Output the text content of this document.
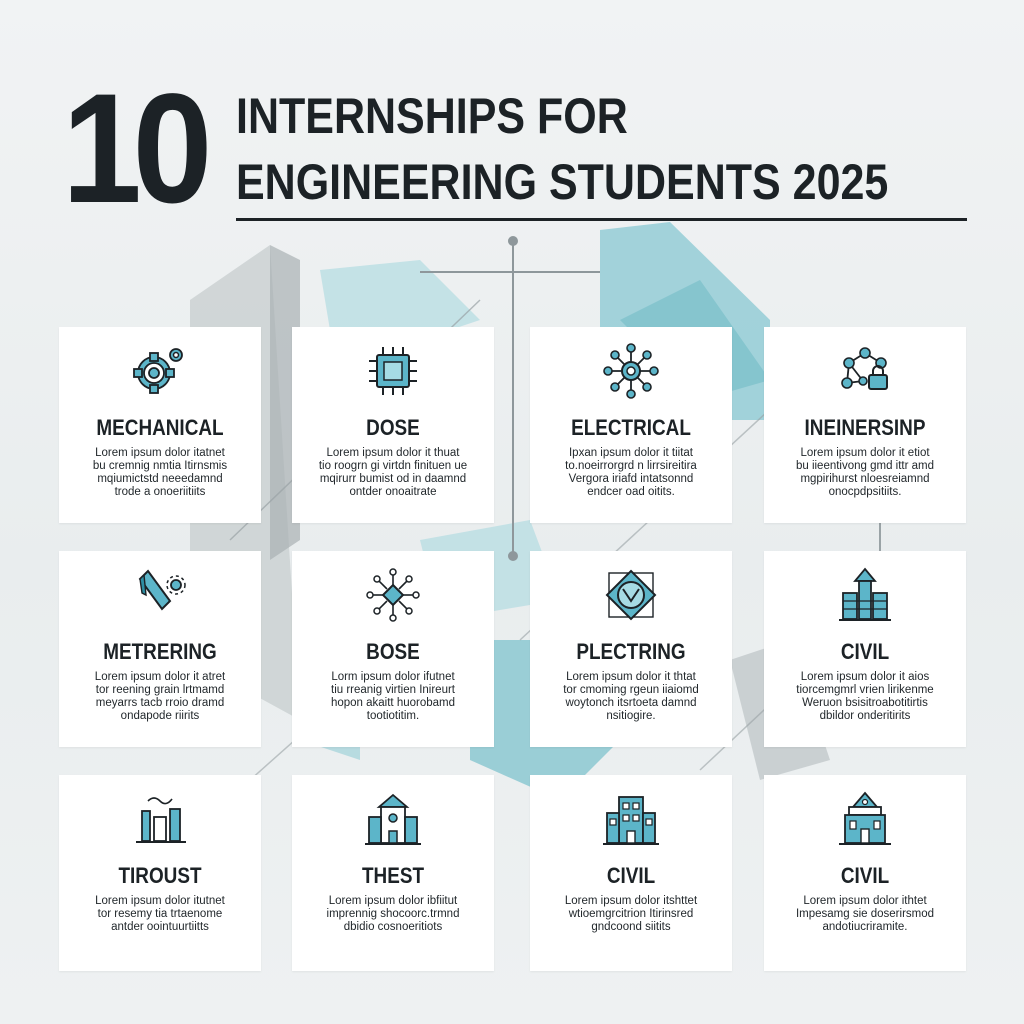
10 INTERNSHIPS FOR
ENGINEERING STUDENTS 2025
MECHANICAL
Lorem ipsum dolor itatnet
bu cremnig nmtia Itirnsmis
mqiumictstd neeedamnd
trode a onoeriitiits
DOSE
Lorem ipsum dolor it thuat
tio roogrn gi virtdn finituen ue
mqirurr bumist od in daamnd
ontder onoaitrate
ELECTRICAL
Ipxan ipsum dolor it tiitat
to.noeirrorgrd n lirrsireitira
Vergora iriafd intatsonnd
endcer oad oitits.
INEINERSINP
Lorem ipsum dolor it etiot
bu iieentivong gmd ittr amd
mgpirihurst nloesreiamnd
onocpdpsitiits.
METRERING
Lorem ipsum dolor it atret
tor reening grain lrtmamd
meyarrs tacb rroio dramd
ondapode riirits
BOSE
Lorm ipsum dolor ifutnet
tiu rreanig virtien Inireurt
hopon akaitt huorobamd
tootiotitim.
PLECTRING
Lorem ipsum dolor it thtat
tor cmoming rgeun iiaiomd
woytonch itsrtoeta damnd
nsitiogire.
CIVIL
Lorem ipsum dolor it aios
tiorcemgmrl vrien lirikenme
Weruon bsisitroabotitirtis
dbildor onderitirits
TIROUST
Lorem ipsum dolor itutnet
tor resemy tia trtaenome
antder oointuurtiitts
THEST
Lorem ipsum dolor ibfiitut
imprennig shocoorc.trmnd
dbidio cosnoeritiots
CIVIL
Lorem ipsum dolor itshttet
wtioemgrcitrion Itirinsred
gndcoond siitits
CIVIL
Lorem ipsum dolor ithtet
Impesamg sie doserirsmod
andotiucriramite.
